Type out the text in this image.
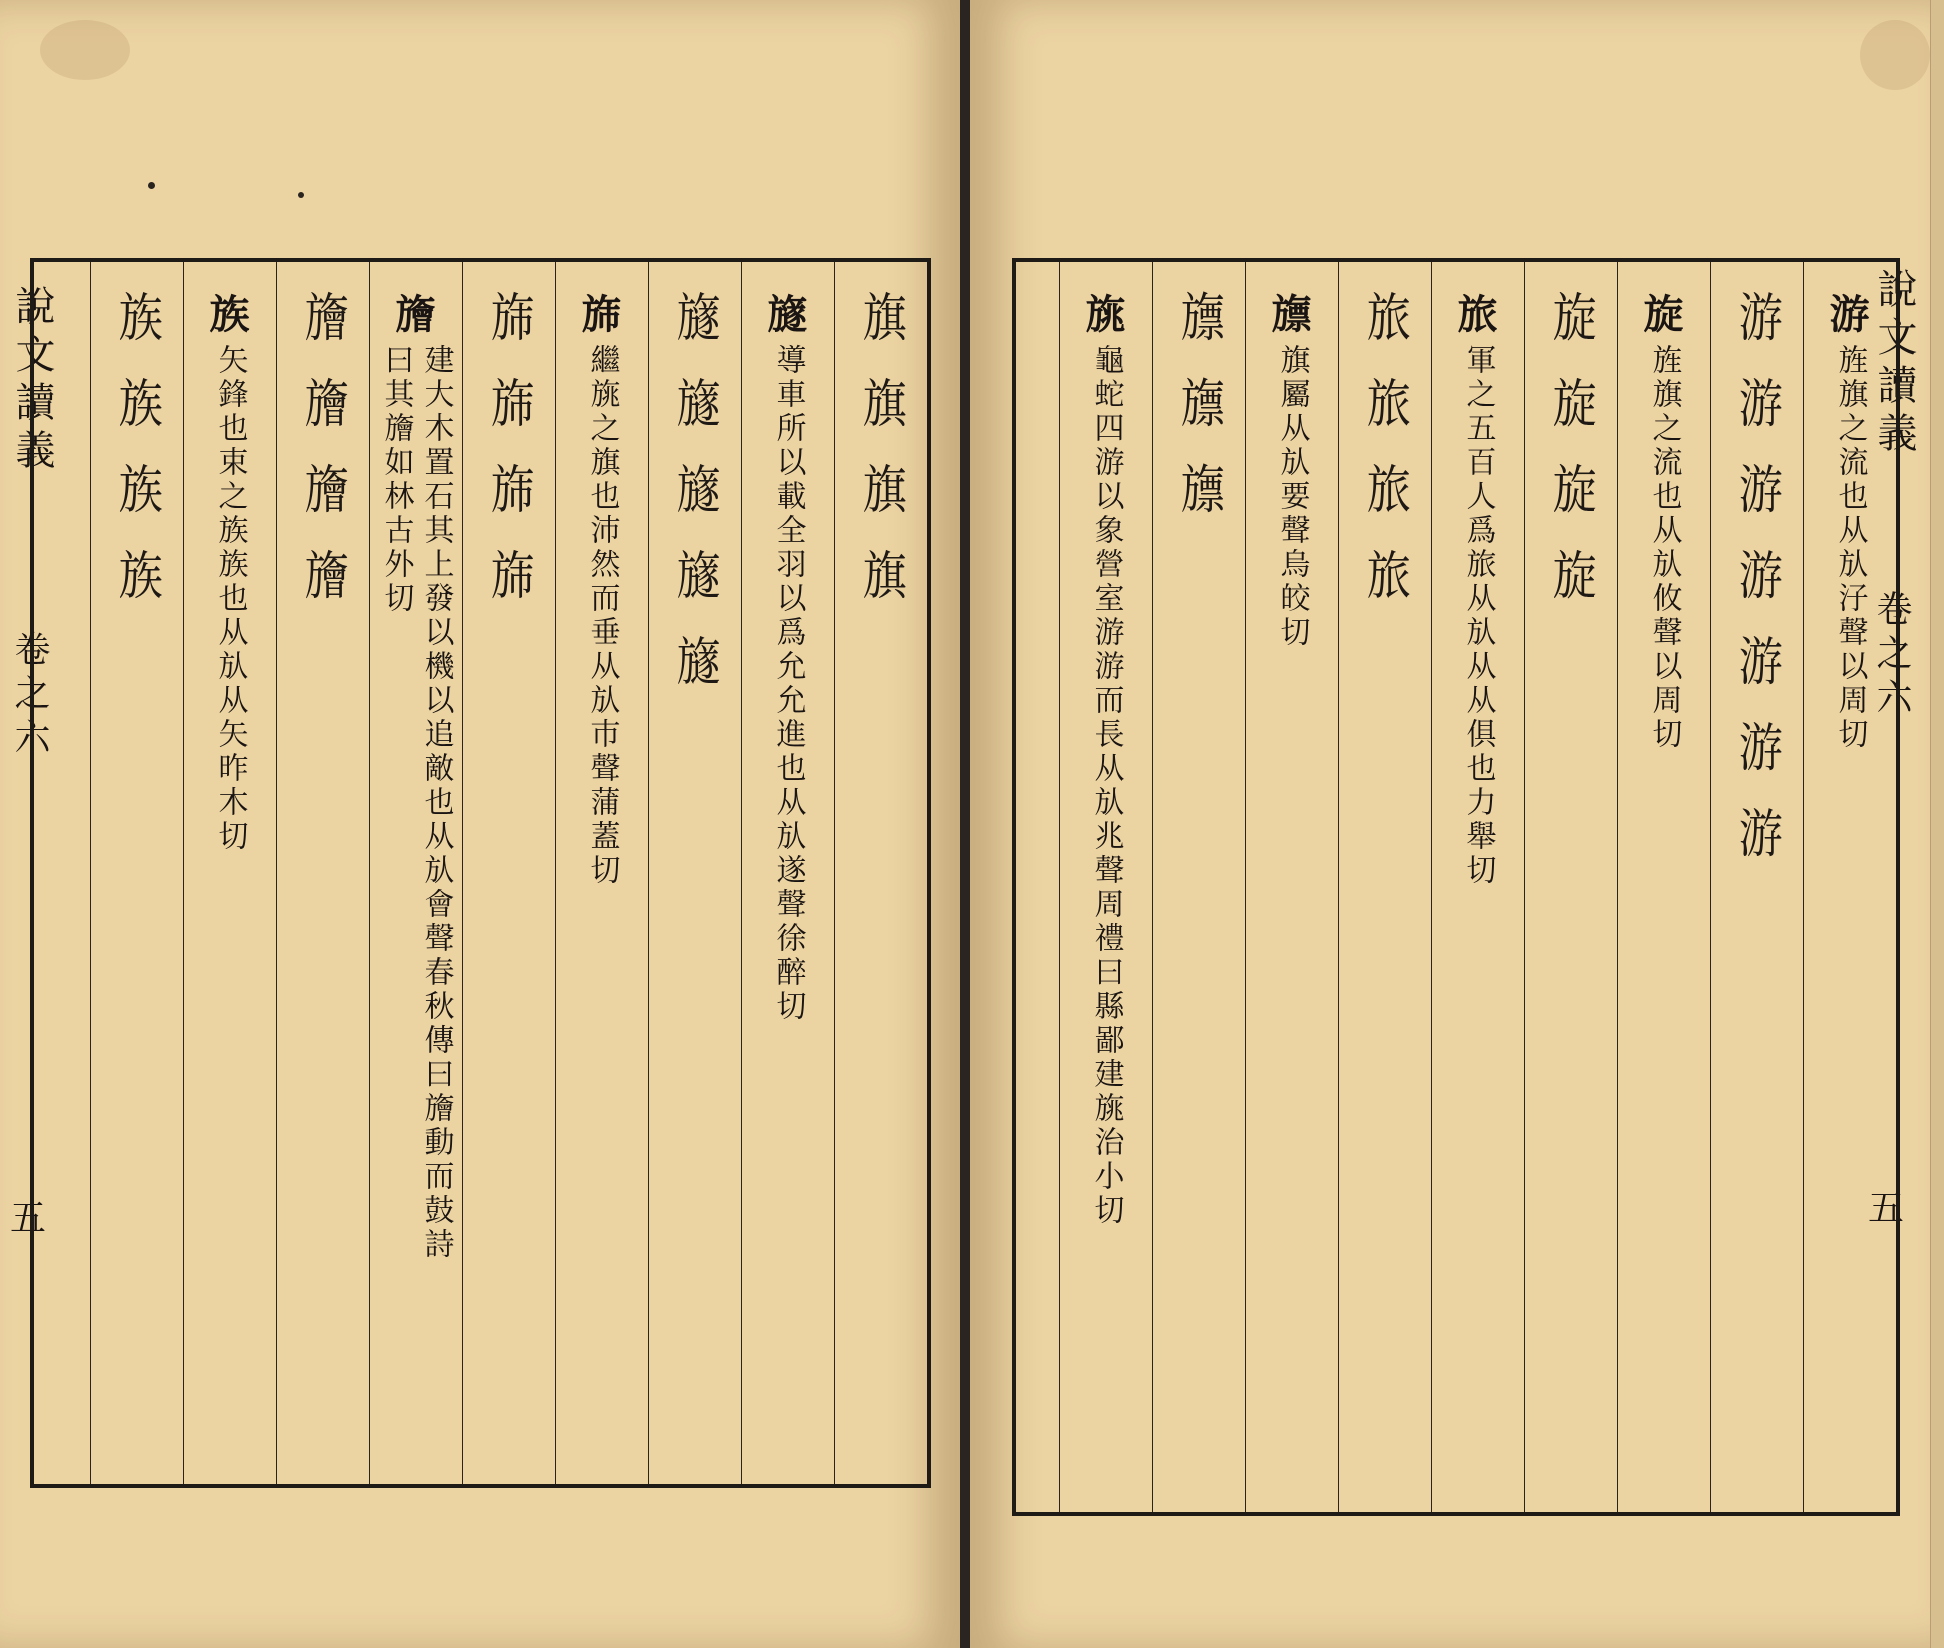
說文讀義
卷之六
五
旗旗旗旗
旞
導車所以載全羽以爲允允進也从㫃遂聲徐醉切
旞旞旞旞旞
旆
繼旐之旗也沛然而垂从㫃巿聲蒲蓋切
旆旆旆旆
旝
建大木置石其上發以機以追敵也从㫃會聲春秋傳曰旝動而鼓詩曰其旝如林古外切
旝旝旝旝
族
矢鋒也束之族族也从㫃从矢昨木切
族族族族	說文讀義
卷之六
五
游
旌旗之流也从㫃汓聲以周切
游游游游游游游
旋
旌旗之流也从㫃攸聲以周切
旋旋旋旋
旅
軍之五百人爲旅从㫃从从俱也力舉切
旅旅旅旅
旚
旗屬从㫃要聲烏皎切
旚旚旚
旐
龜蛇四游以象營室游游而長从㫃兆聲周禮曰縣鄙建旐治小切
